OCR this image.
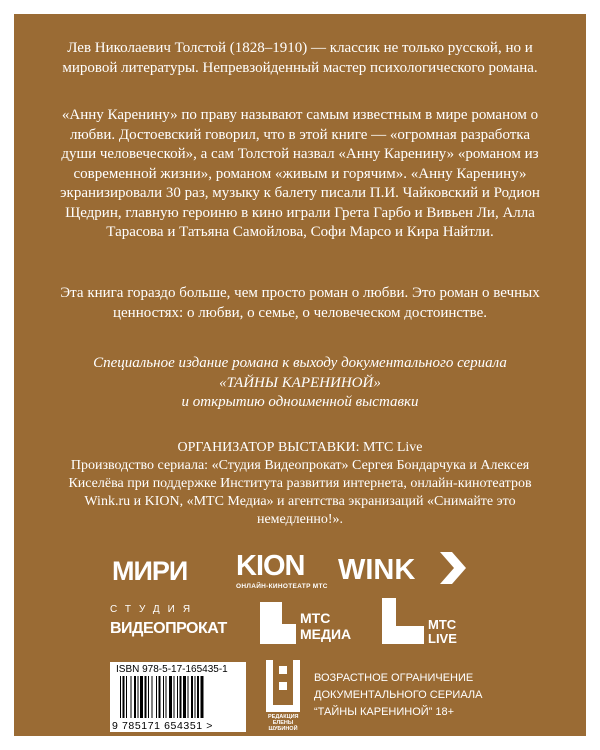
Лев Николаевич Толстой (1828–1910) — классик не только русской, но и мировой литературы. Непревзойденный мастер психологического романа.

«Анну Каренину» по праву называют самым известным в мире романом о любви. Достоевский говорил, что в этой книге — «огромная разработка души человеческой», а сам Толстой назвал «Анну Каренину» «романом из современной жизни», романом «живым и горячим». «Анну Каренину» экранизировали 30 раз, музыку к балету писали П.И. Чайковский и Родион Щедрин, главную героиню в кино играли Грета Гарбо и Вивьен Ли, Алла Тарасова и Татьяна Самойлова, Софи Марсо и Кира Найтли.

Эта книга гораздо больше, чем просто роман о любви. Это роман о вечных ценностях: о любви, о семье, о человеческом достоинстве.

Специальное издание романа к выходу документального сериала
«ТАЙНЫ КАРЕНИНОЙ»
и открытию одноименной выставки
ОРГАНИЗАТОР ВЫСТАВКИ: МТС Live
Производство сериала: «Студия Видеопрокат» Сергея Бондарчука и Алексея Киселёва при поддержке Института развития интернета, онлайн-кинотеатров Wink.ru и KION, «МТС Медиа» и агентства экранизаций «Снимайте это немедленно!».
МИРИ KION
ОНЛАЙН-КИНОТЕАТР МТС
WINK
СТУДИЯ
ВИДЕОПРОКАТ
МТС
МЕДИА
МТС
LIVE
ISBN 978-5-17-165435-1
9 785171 654351 >
РЕДАКЦИЯ ЕЛЕНЫ ШУБИНОЙ
ВОЗРАСТНОЕ ОГРАНИЧЕНИЕ
ДОКУМЕНТАЛЬНОГО СЕРИАЛА
“ТАЙНЫ КАРЕНИНОЙ” 18+
